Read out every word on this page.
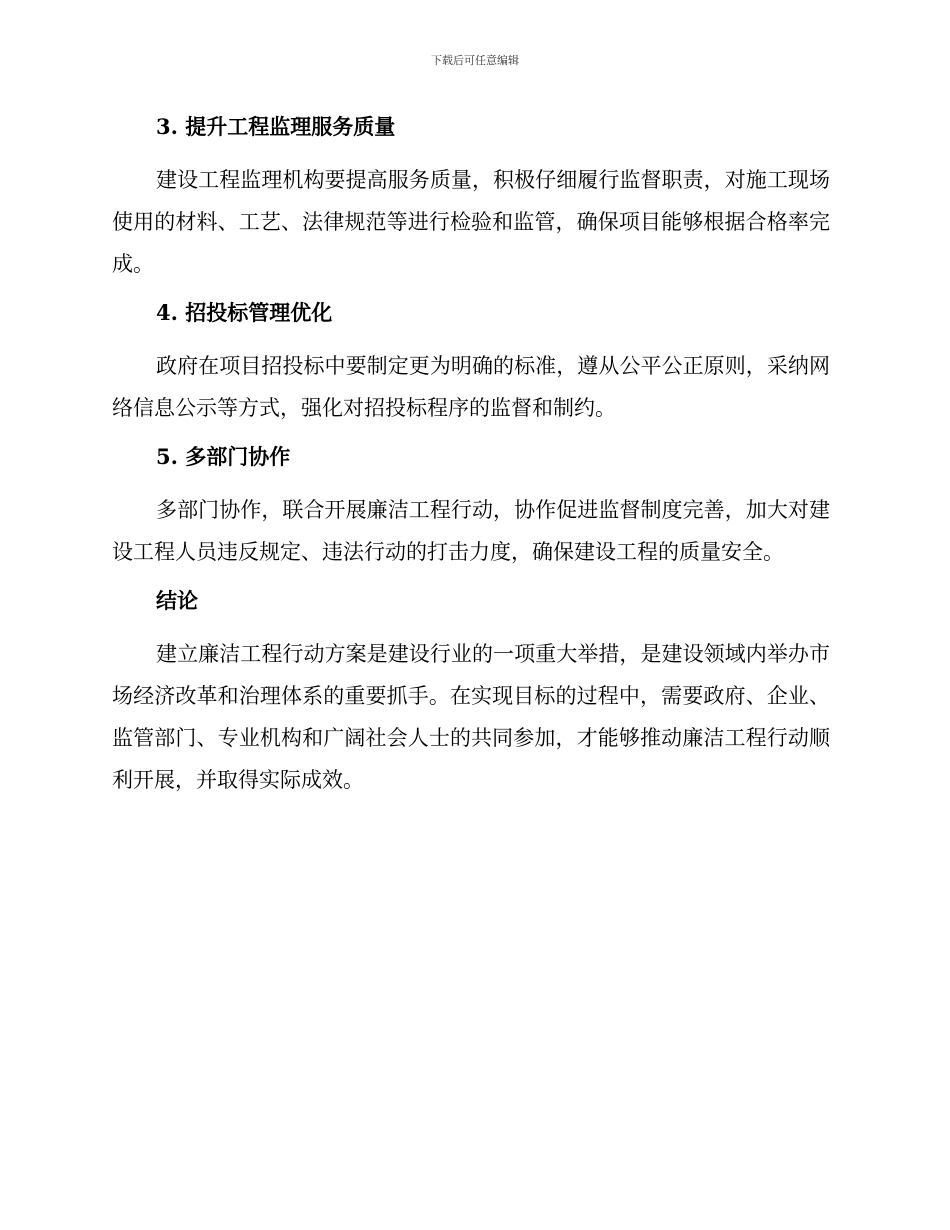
下载后可任意编辑
3. 提升工程监理服务质量

建设工程监理机构要提高服务质量，积极仔细履行监督职责，对施工现场使用的材料、工艺、法律规范等进行检验和监管，确保项目能够根据合格率完成。

4. 招投标管理优化

政府在项目招投标中要制定更为明确的标准，遵从公平公正原则，采纳网络信息公示等方式，强化对招投标程序的监督和制约。

5. 多部门协作

多部门协作，联合开展廉洁工程行动，协作促进监督制度完善，加大对建设工程人员违反规定、违法行动的打击力度，确保建设工程的质量安全。

结论

建立廉洁工程行动方案是建设行业的一项重大举措，是建设领域内举办市场经济改革和治理体系的重要抓手。在实现目标的过程中，需要政府、企业、监管部门、专业机构和广阔社会人士的共同参加，才能够推动廉洁工程行动顺利开展，并取得实际成效。
